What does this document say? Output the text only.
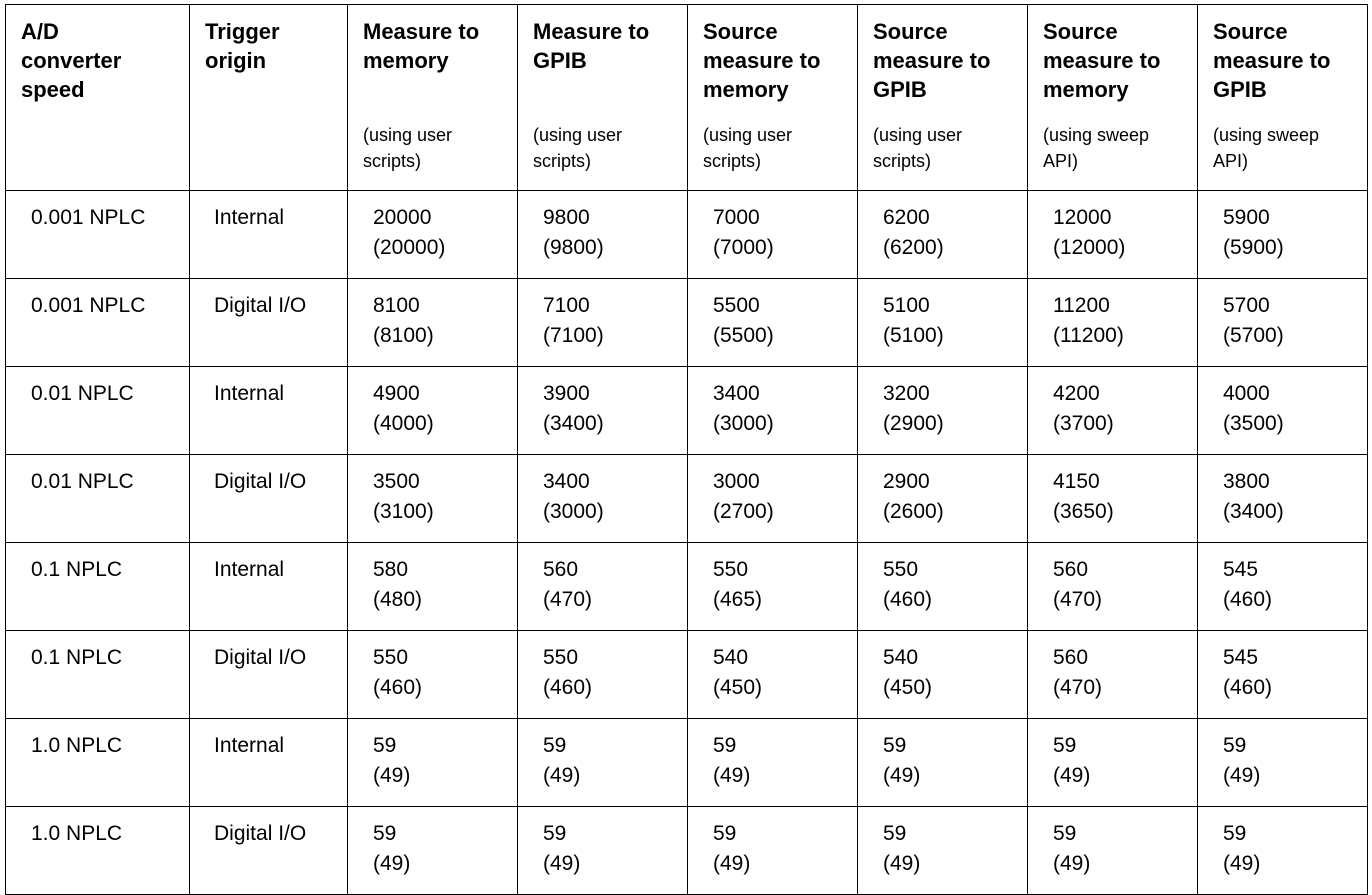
A/D
converter
speed	Trigger
origin	Measure to
memory

(using user
scripts)	Measure to
GPIB

(using user
scripts)	Source
measure to
memory
(using user
scripts)	Source
measure to
GPIB
(using user
scripts)	Source
measure to
memory
(using sweep
API)	Source
measure to
GPIB
(using sweep
API)

0.001 NPLC	Internal	20000
(20000)	9800
(9800)	7000
(7000)	6200
(6200)	12000
(12000)	5900
(5900)

0.001 NPLC	Digital I/O	8100
(8100)	7100
(7100)	5500
(5500)	5100
(5100)	11200
(11200)	5700
(5700)

0.01 NPLC	Internal	4900
(4000)	3900
(3400)	3400
(3000)	3200
(2900)	4200
(3700)	4000
(3500)

0.01 NPLC	Digital I/O	3500
(3100)	3400
(3000)	3000
(2700)	2900
(2600)	4150
(3650)	3800
(3400)

0.1 NPLC	Internal	580
(480)	560
(470)	550
(465)	550
(460)	560
(470)	545
(460)

0.1 NPLC	Digital I/O	550
(460)	550
(460)	540
(450)	540
(450)	560
(470)	545
(460)

1.0 NPLC	Internal	59
(49)	59
(49)	59
(49)	59
(49)	59
(49)	59
(49)

1.0 NPLC	Digital I/O	59
(49)	59
(49)	59
(49)	59
(49)	59
(49)	59
(49)
